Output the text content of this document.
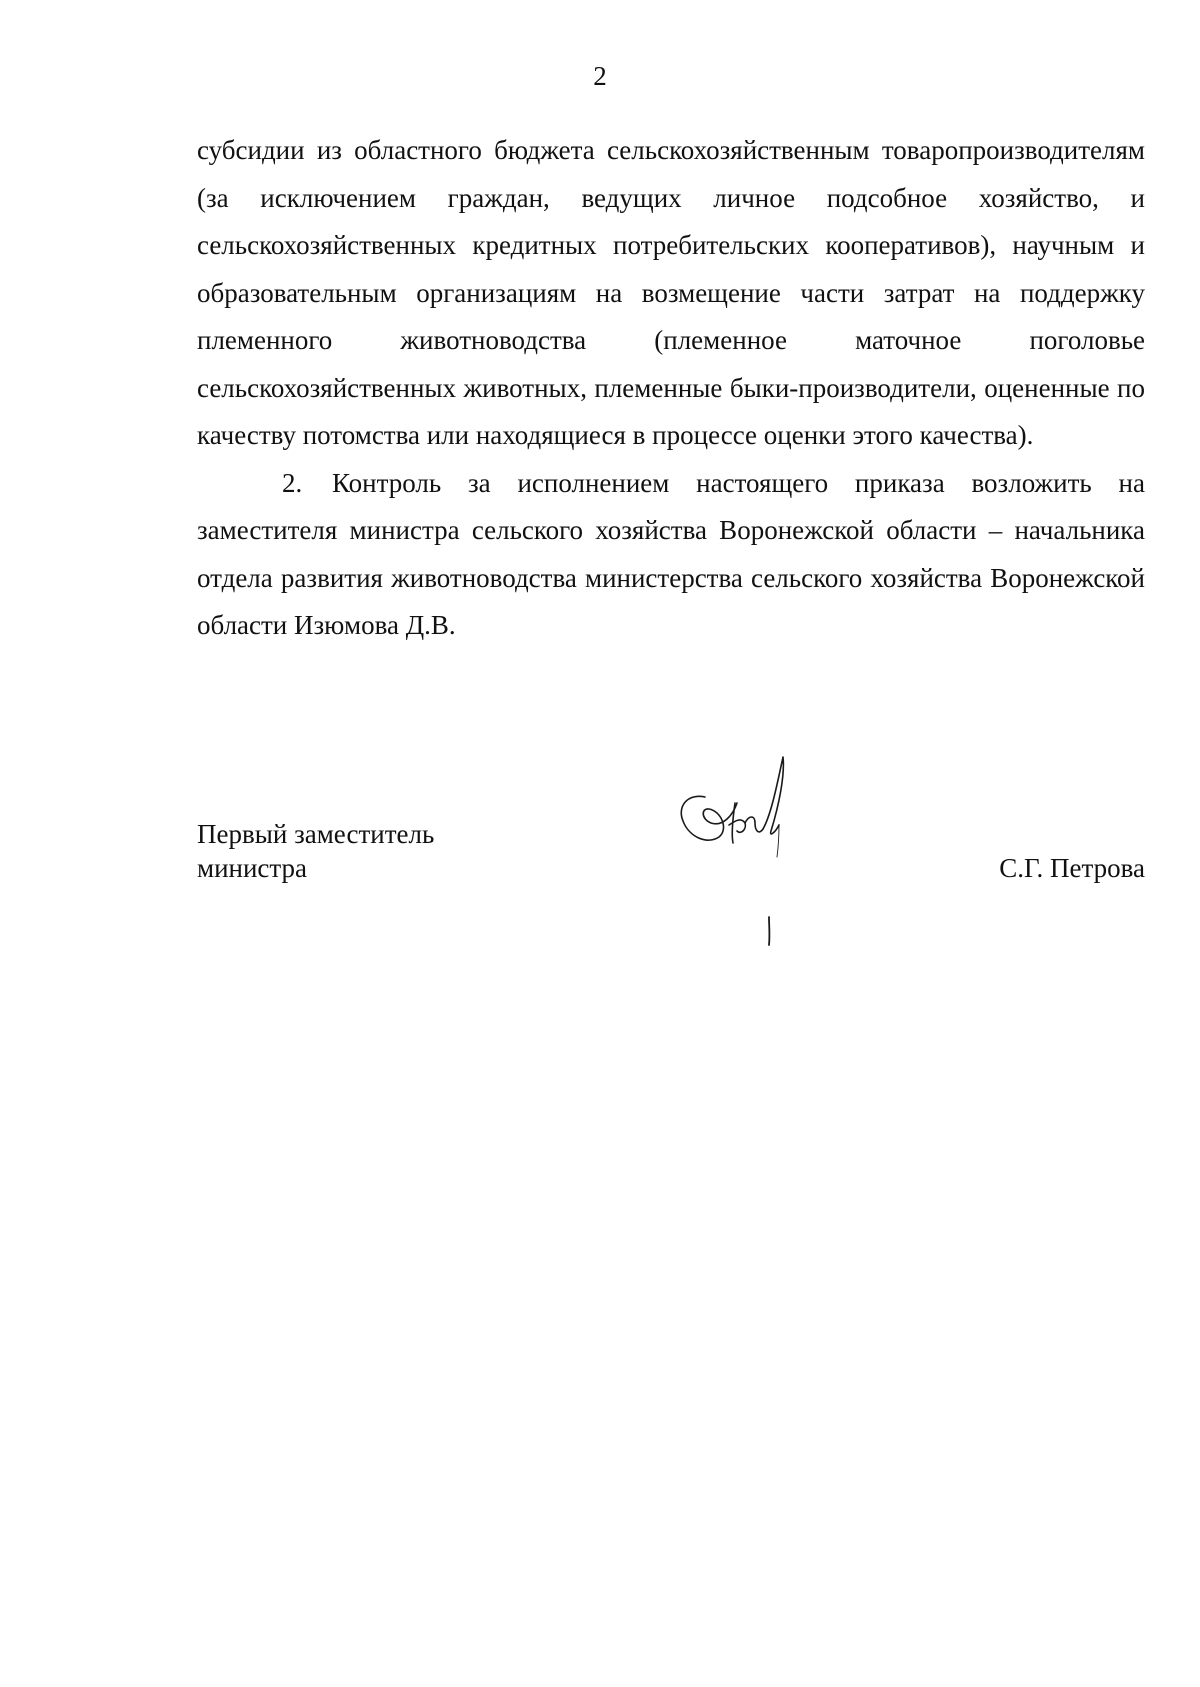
2

субсидии из областного бюджета сельскохозяйственным товаропроизводителям (за исключением граждан, ведущих личное подсобное хозяйство, и сельскохозяйственных кредитных потребительских кооперативов), научным и образовательным организациям на возмещение части затрат на поддержку племенного животноводства (племенное маточное поголовье сельскохозяйственных животных, племенные быки-производители, оцененные по качеству потомства или находящиеся в процессе оценки этого качества).

2. Контроль за исполнением настоящего приказа возложить на заместителя министра сельского хозяйства Воронежской области – начальника отдела развития животноводства министерства сельского хозяйства Воронежской области Изюмова Д.В.

Первый заместитель
министра	С.Г. Петрова
